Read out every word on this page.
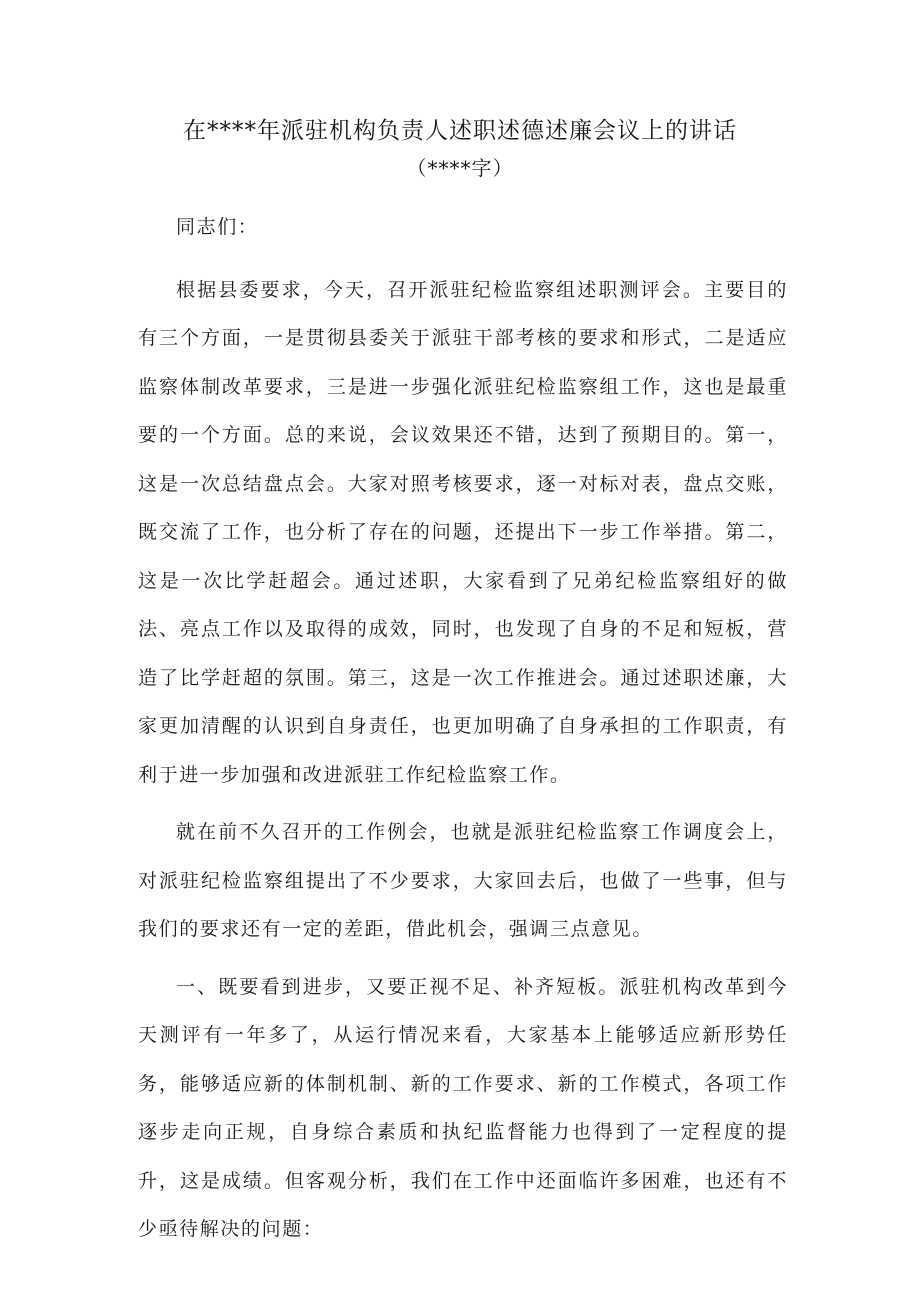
在****年派驻机构负责人述职述德述廉会议上的讲话
（****字）

同志们：

根据县委要求，今天，召开派驻纪检监察组述职测评会。主要目的有三个方面，一是贯彻县委关于派驻干部考核的要求和形式，二是适应监察体制改革要求，三是进一步强化派驻纪检监察组工作，这也是最重要的一个方面。总的来说，会议效果还不错，达到了预期目的。第一，这是一次总结盘点会。大家对照考核要求，逐一对标对表，盘点交账，既交流了工作，也分析了存在的问题，还提出下一步工作举措。第二，这是一次比学赶超会。通过述职，大家看到了兄弟纪检监察组好的做法、亮点工作以及取得的成效，同时，也发现了自身的不足和短板，营造了比学赶超的氛围。第三，这是一次工作推进会。通过述职述廉，大家更加清醒的认识到自身责任，也更加明确了自身承担的工作职责，有利于进一步加强和改进派驻工作纪检监察工作。

就在前不久召开的工作例会，也就是派驻纪检监察工作调度会上，对派驻纪检监察组提出了不少要求，大家回去后，也做了一些事，但与我们的要求还有一定的差距，借此机会，强调三点意见。

一、既要看到进步，又要正视不足、补齐短板。派驻机构改革到今天测评有一年多了，从运行情况来看，大家基本上能够适应新形势任务，能够适应新的体制机制、新的工作要求、新的工作模式，各项工作逐步走向正规，自身综合素质和执纪监督能力也得到了一定程度的提升，这是成绩。但客观分析，我们在工作中还面临许多困难，也还有不少亟待解决的问题：
